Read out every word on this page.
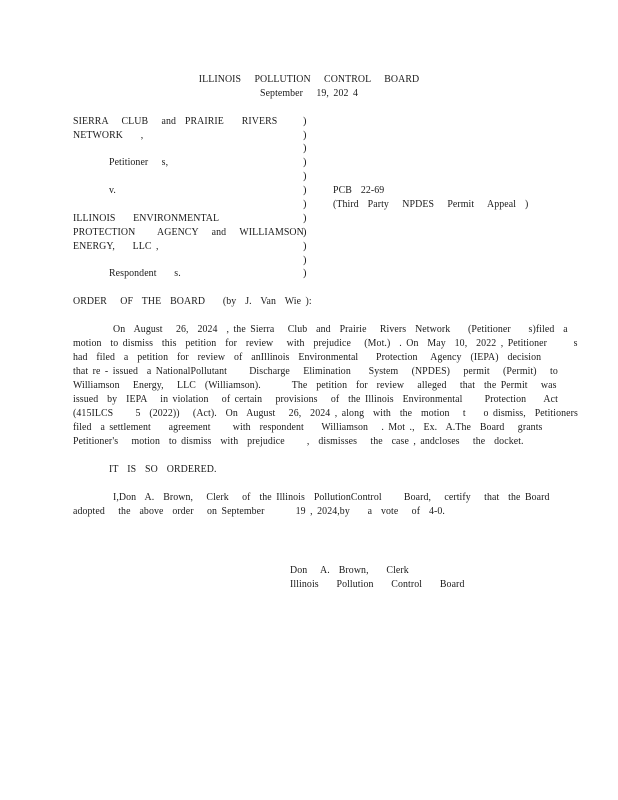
ILLINOIS   POLLUTION   CONTROL   BOARD
September   19, 202 4
SIERRA   CLUB   and  PRAIRIE    RIVERS
NETWORK    ,
Petitioner   s,
v.
ILLINOIS    ENVIRONMENTAL
PROTECTION     AGENCY   and   WILLIAMSON
ENERGY,    LLC ,
Respondent    s.
)
)
)
)
)
)
)
)
)
)
)
)
PCB  22-69
(Third  Party   NPDES   Permit   Appeal  )
ORDER   OF  THE  BOARD    (by  J.  Van  Wie ):
On  August   26,  2024  , the Sierra   Club  and  Prairie   Rivers  Network    (Petitioner    s)filed  a
motion  to dismiss  this  petition  for  review   with  prejudice   (Mot.)  . On  May  10,  2022 , Petitioner      s
had  filed  a  petition  for  review  of  anIllinois  Environmental    Protection   Agency  (IEPA)  decision
that re - issued  a NationalPollutant     Discharge   Elimination    System   (NPDES)   permit   (Permit)   to
Williamson   Energy,   LLC  (Williamson).       The  petition  for  review   alleged   that  the Permit   was
issued  by  IEPA   in violation   of certain   provisions   of  the Illinois  Environmental     Protection    Act
(415ILCS     5  (2022))   (Act).  On  August   26,  2024 , along  with  the  motion   t    o dismiss,  Petitioners
filed  a settlement    agreement     with  respondent    Williamson   . Mot .,  Ex.  A.The  Board   grants
Petitioner's   motion  to dismiss  with  prejudice     ,  dismisses   the  case , andcloses   the  docket.
IT  IS  SO  ORDERED.
I,Don  A.  Brown,   Clerk   of  the Illinois  PollutionControl     Board,   certify   that  the Board
adopted   the  above  order   on September       19 , 2024,by    a  vote   of  4-0.
Don   A.  Brown,    Clerk
Illinois    Pollution    Control    Board
